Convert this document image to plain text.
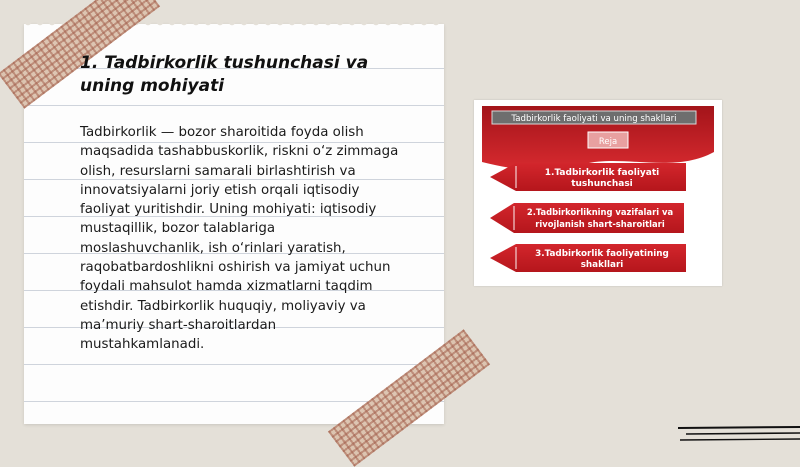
1. Tadbirkorlik tushunchasi va uning mohiyati
Tadbirkorlik — bozor sharoitida foyda olish maqsadida tashabbuskorlik, riskni o‘z zimmaga olish, resurslarni samarali birlashtirish va innovatsiyalarni joriy etish orqali iqtisodiy faoliyat yuritishdir. Uning mohiyati: iqtisodiy mustaqillik, bozor talablariga moslashuvchanlik, ish o‘rinlari yaratish, raqobatbardoshlikni oshirish va jamiyat uchun foydali mahsulot hamda xizmatlarni taqdim etishdir. Tadbirkorlik huquqiy, moliyaviy va ma’muriy shart-sharoitlardan mustahkamlanadi.
Tadbirkorlik faoliyati va uning shakllari
Reja
1.Tadbirkorlik faoliyati
tushunchasi
2.Tadbirkorlikning vazifalari va
rivojlanish shart-sharoitlari
3.Tadbirkorlik faoliyatining
shakllari
